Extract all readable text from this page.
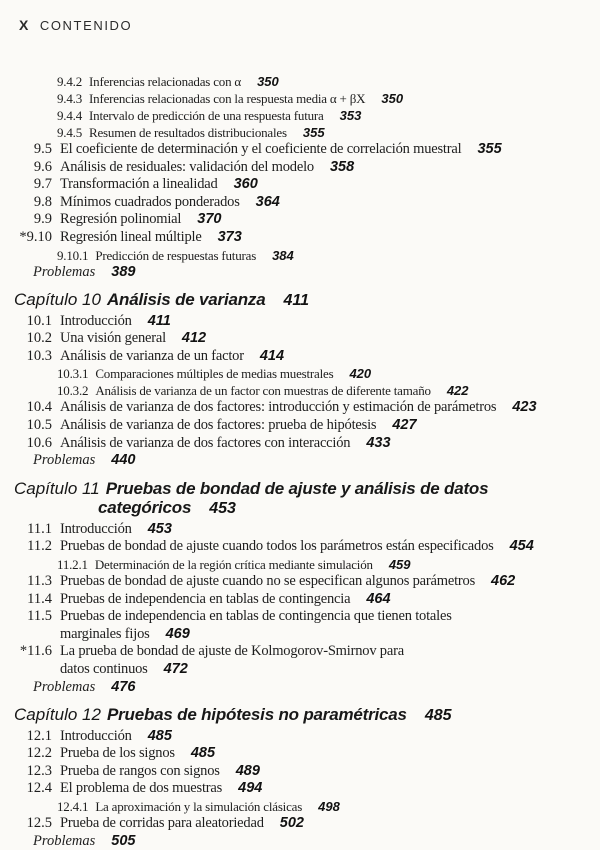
X CONTENIDO
9.4.2 Inferencias relacionadas con α 350
9.4.3 Inferencias relacionadas con la respuesta media α + βX 350
9.4.4 Intervalo de predicción de una respuesta futura 353
9.4.5 Resumen de resultados distribucionales 355
9.5 El coeficiente de determinación y el coeficiente de correlación muestral 355
9.6 Análisis de residuales: validación del modelo 358
9.7 Transformación a linealidad 360
9.8 Mínimos cuadrados ponderados 364
9.9 Regresión polinomial 370
*9.10 Regresión lineal múltiple 373
9.10.1 Predicción de respuestas futuras 384
Problemas 389
Capítulo 10 Análisis de varianza 411
10.1 Introducción 411
10.2 Una visión general 412
10.3 Análisis de varianza de un factor 414
10.3.1 Comparaciones múltiples de medias muestrales 420
10.3.2 Análisis de varianza de un factor con muestras de diferente tamaño 422
10.4 Análisis de varianza de dos factores: introducción y estimación de parámetros 423
10.5 Análisis de varianza de dos factores: prueba de hipótesis 427
10.6 Análisis de varianza de dos factores con interacción 433
Problemas 440
Capítulo 11 Pruebas de bondad de ajuste y análisis de datos
categóricos 453
11.1 Introducción 453
11.2 Pruebas de bondad de ajuste cuando todos los parámetros están especificados 454
11.2.1 Determinación de la región crítica mediante simulación 459
11.3 Pruebas de bondad de ajuste cuando no se especifican algunos parámetros 462
11.4 Pruebas de independencia en tablas de contingencia 464
11.5 Pruebas de independencia en tablas de contingencia que tienen totales
marginales fijos 469
*11.6 La prueba de bondad de ajuste de Kolmogorov-Smirnov para
datos continuos 472
Problemas 476
Capítulo 12 Pruebas de hipótesis no paramétricas 485
12.1 Introducción 485
12.2 Prueba de los signos 485
12.3 Prueba de rangos con signos 489
12.4 El problema de dos muestras 494
12.4.1 La aproximación y la simulación clásicas 498
12.5 Prueba de corridas para aleatoriedad 502
Problemas 505
